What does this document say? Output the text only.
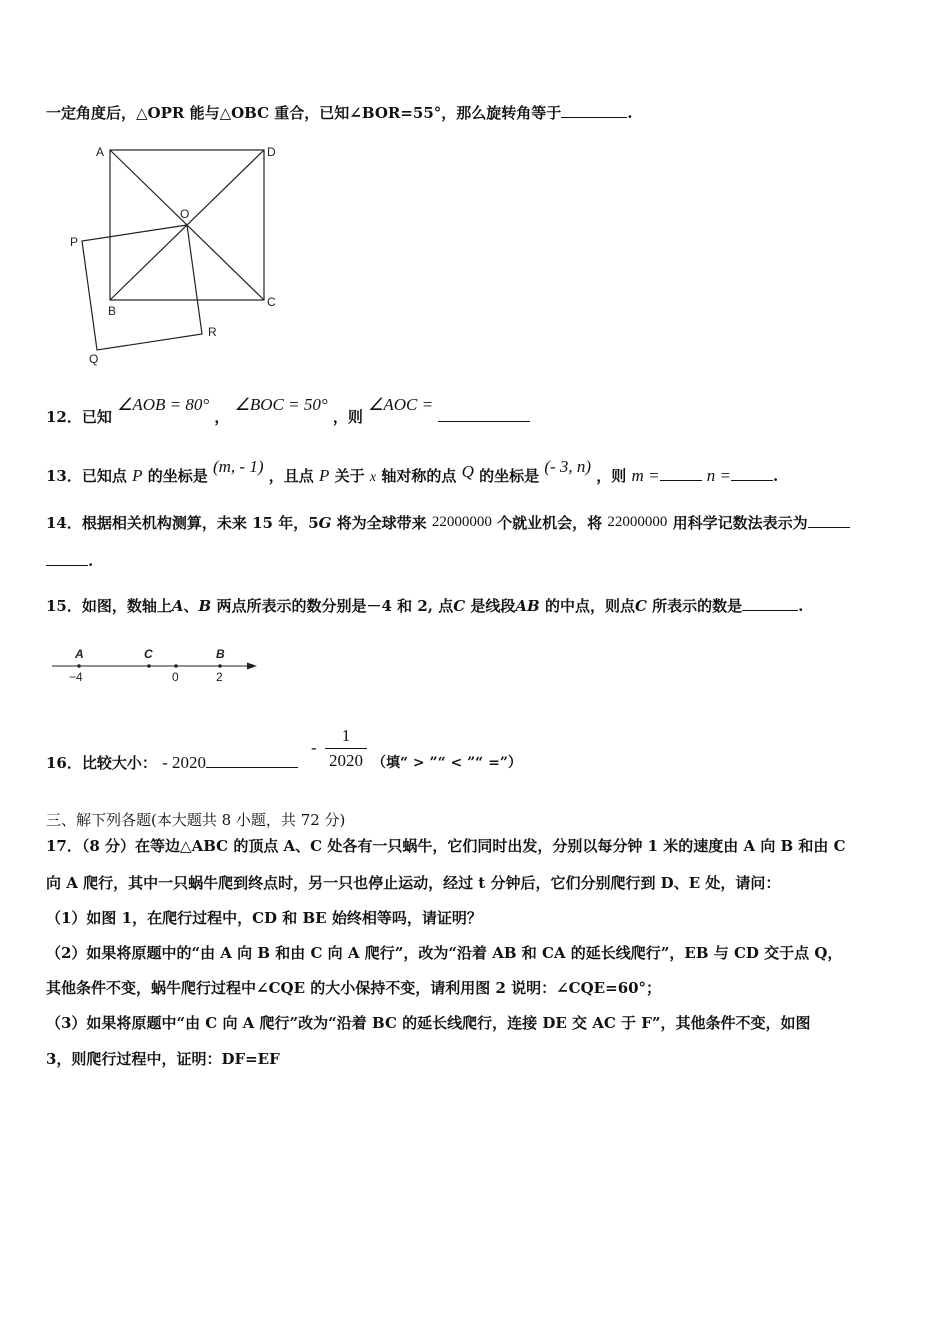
一定角度后，△OPR 能与△OBC 重合，已知∠BOR=55°，那么旋转角等于	.
A	D
O
P
B
C
R
Q
12．已知 ∠AOB = 80° ， ∠BOC = 50° ，则 ∠AOC =
13．已知点 P 的坐标是 (m, - 1) ，且点 P 关于 x 轴对称的点 Q 的坐标是 (- 3, n) ，则 m =	n =	.
14．根据相关机构测算，未来 15 年，5G 将为全球带来 22000000 个就业机会，将 22000000 用科学记数法表示为
.
15．如图，数轴上A、B 两点所表示的数分别是－4 和 2, 点C 是线段AB 的中点，则点C 所表示的数是	.
A	C	B
−4	0	2
16．比较大小： - 2020
-
1
2020 （填“ > ”“ < ”“ =”）
三、解下列各题(本大题共 8 小题，共 72 分)
17．（8 分）在等边△ABC 的顶点 A、C 处各有一只蜗牛，它们同时出发，分别以每分钟 1 米的速度由 A 向 B 和由 C
向 A 爬行，其中一只蜗牛爬到终点时，另一只也停止运动，经过 t 分钟后，它们分别爬行到 D、E 处，请问：
（1）如图 1，在爬行过程中，CD 和 BE 始终相等吗，请证明？
（2）如果将原题中的“由 A 向 B 和由 C 向 A 爬行”，改为“沿着 AB 和 CA 的延长线爬行”，EB 与 CD 交于点 Q，
其他条件不变，蜗牛爬行过程中∠CQE 的大小保持不变，请利用图 2 说明：∠CQE=60°；
（3）如果将原题中“由 C 向 A 爬行”改为“沿着 BC 的延长线爬行，连接 DE 交 AC 于 F”，其他条件不变，如图
3，则爬行过程中，证明：DF=EF
